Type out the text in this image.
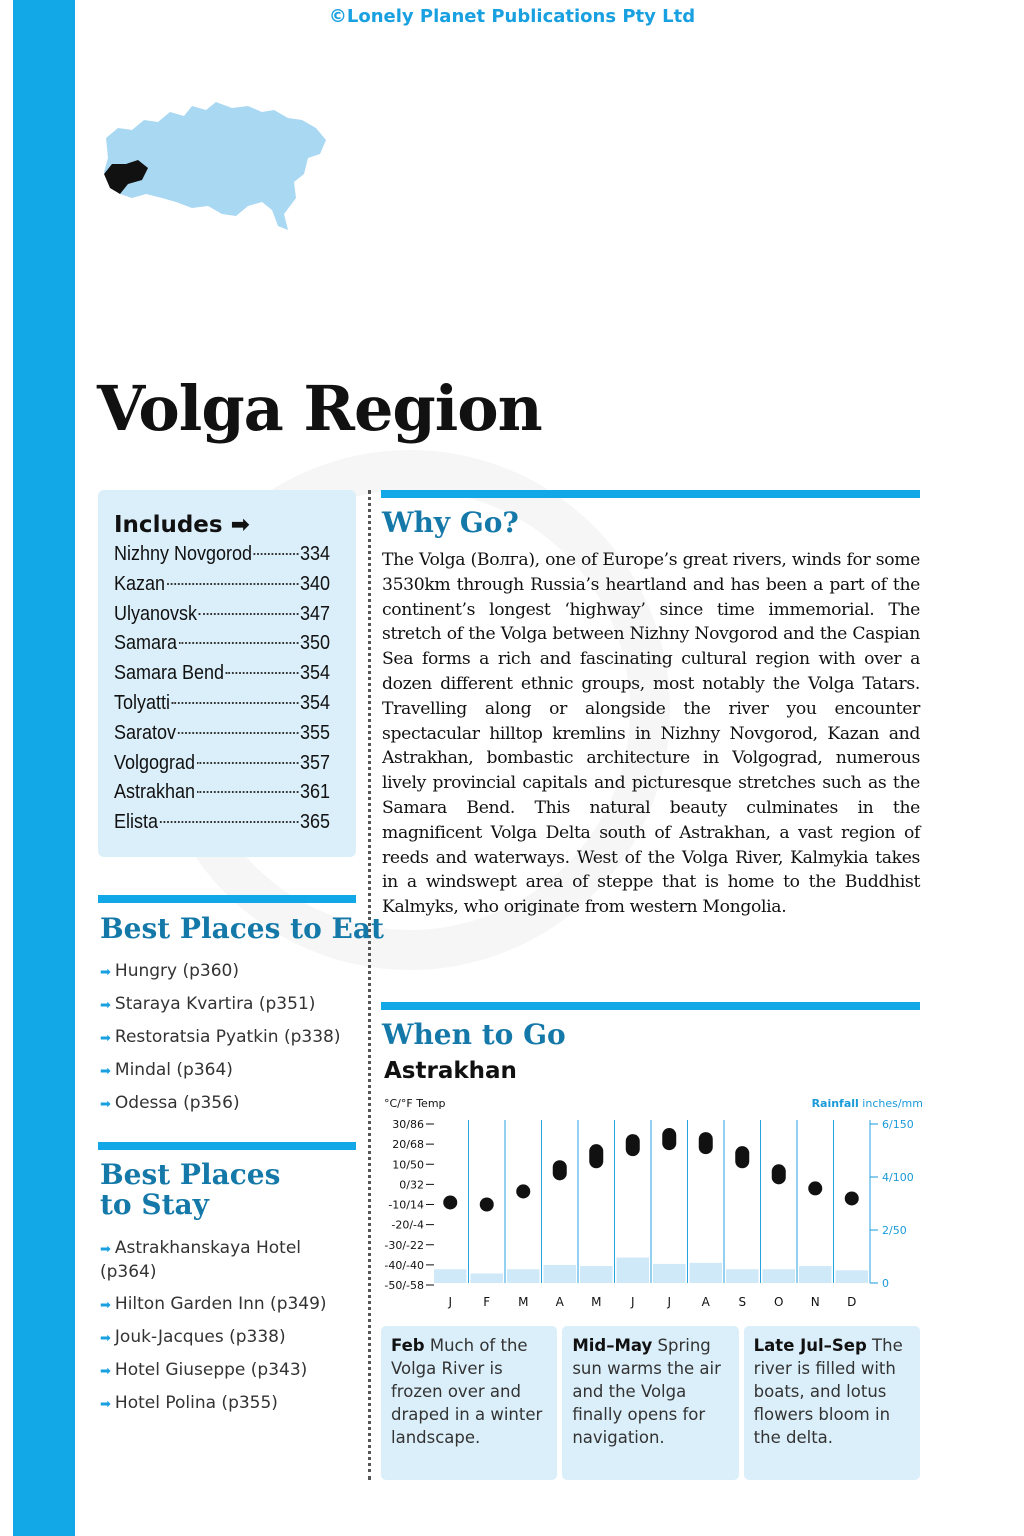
©Lonely Planet Publications Pty Ltd
Volga Region
Includes ➡
Nizhny Novgorod 334
Kazan	340
Ulyanovsk	347
Samara	350
Samara Bend	354
Tolyatti	354
Saratov	355
Volgograd	357
Astrakhan	361
Elista	365
Best Places to Eat
➡ Hungry (p360)
➡ Staraya Kvartira (p351)
➡ Restoratsia Pyatkin (p338)
➡ Mindal (p364)
➡ Odessa (p356)
Best Places
to Stay
➡ Astrakhanskaya Hotel (p364)
➡ Hilton Garden Inn (p349)
➡ Jouk-Jacques (p338)
➡ Hotel Giuseppe (p343)
➡ Hotel Polina (p355)
Why Go?

The Volga (Волга), one of Europe’s great rivers, winds for some 3530km through Russia’s heartland and has been a part of the continent’s longest ‘highway’ since time immemorial. The stretch of the Volga between Nizhny Novgorod and the Caspian Sea forms a rich and fascinating cultural region with over a dozen different ethnic groups, most notably the Volga Tatars. Travelling along or alongside the river you encounter spectacular hilltop kremlins in Nizhny Novgorod, Kazan and Astrakhan, bombastic architecture in Volgograd, numerous lively provincial capitals and picturesque stretches such as the Samara Bend. This natural beauty culminates in the magnificent Volga Delta south of Astrakhan, a vast region of reeds and waterways. West of the Volga River, Kalmykia takes in a windswept area of steppe that is home to the Buddhist Kalmyks, who originate from western Mongolia.

When to Go
Astrakhan
°C/°F Temp	Rainfall inches/mm
30/86
20/68
10/50
0/32
-10/14
-20/-4
-30/-22
-40/-40
-50/-58
6/150
4/100
2/50
0
J	F M A M J	J	A S O N D
Feb Much of the Volga River is frozen over and draped in a winter landscape.
Mid–May Spring sun warms the air and the Volga finally opens for navigation.
Late Jul–Sep The river is filled with boats, and lotus flowers bloom in the delta.
